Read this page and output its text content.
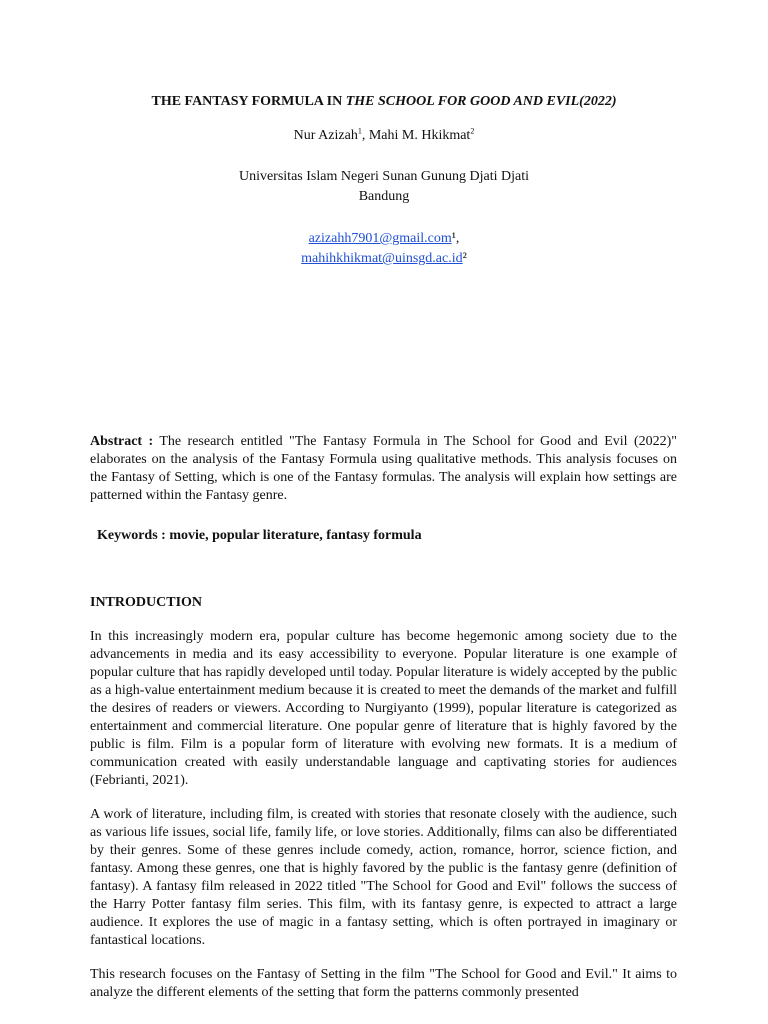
THE FANTASY FORMULA IN THE SCHOOL FOR GOOD AND EVIL(2022)
Nur Azizah$^1$, Mahi M. Hkikmat$^2$
Universitas Islam Negeri Sunan Gunung Djati Djati
Bandung
azizahh7901@gmail.com¹,
mahihkhikmat@uinsgd.ac.id²
Abstract : The research entitled "The Fantasy Formula in The School for Good and Evil (2022)" elaborates on the analysis of the Fantasy Formula using qualitative methods. This analysis focuses on the Fantasy of Setting, which is one of the Fantasy formulas. The analysis will explain how settings are patterned within the Fantasy genre.
Keywords : movie, popular literature, fantasy formula
INTRODUCTION
In this increasingly modern era, popular culture has become hegemonic among society due to the advancements in media and its easy accessibility to everyone. Popular literature is one example of popular culture that has rapidly developed until today. Popular literature is widely accepted by the public as a high-value entertainment medium because it is created to meet the demands of the market and fulfill the desires of readers or viewers. According to Nurgiyanto (1999), popular literature is categorized as entertainment and commercial literature. One popular genre of literature that is highly favored by the public is film. Film is a popular form of literature with evolving new formats. It is a medium of communication created with easily understandable language and captivating stories for audiences (Febrianti, 2021).
A work of literature, including film, is created with stories that resonate closely with the audience, such as various life issues, social life, family life, or love stories. Additionally, films can also be differentiated by their genres. Some of these genres include comedy, action, romance, horror, science fiction, and fantasy. Among these genres, one that is highly favored by the public is the fantasy genre (definition of fantasy). A fantasy film released in 2022 titled "The School for Good and Evil" follows the success of the Harry Potter fantasy film series. This film, with its fantasy genre, is expected to attract a large audience. It explores the use of magic in a fantasy setting, which is often portrayed in imaginary or fantastical locations.
This research focuses on the Fantasy of Setting in the film "The School for Good and Evil." It aims to analyze the different elements of the setting that form the patterns commonly presented
